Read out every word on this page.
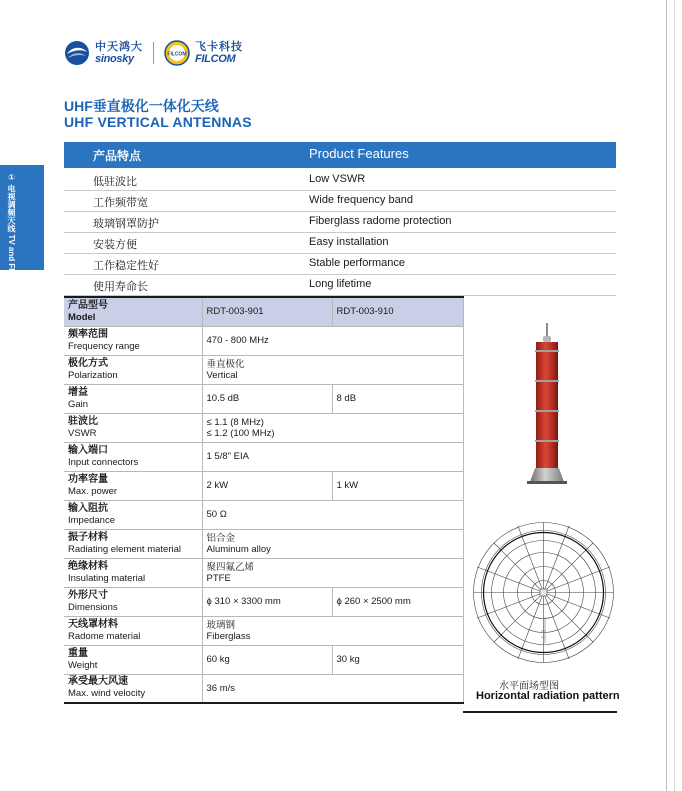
中天鸿大
sinosky	FILCOM
飞卡科技
FILCOM
① 电视调频天线 TV and FM Antennas
UHF垂直极化一体化天线
UHF VERTICAL ANTENNAS
产品特点	Product Features
低驻波比	Low VSWR
工作频带宽	Wide frequency band
玻璃钢罩防护	Fiberglass radome protection
安装方便	Easy installation
工作稳定性好	Stable performance
使用寿命长	Long lifetime
产品型号
Model	RDT-003-901	RDT-003-910

频率范围
Frequency range	470 - 800 MHz	

极化方式
Polarization	垂直极化
Vertical	

增益
Gain	10.5 dB	8 dB

驻波比
VSWR	≤ 1.1 (8 MHz)
≤ 1.2 (100 MHz)	

输入端口
Input connectors	1 5/8" EIA	

功率容量
Max. power	2 kW	1 kW

输入阻抗
Impedance	50 Ω	

振子材料
Radiating element material	铝合金
Aluminum alloy	

绝缘材料
Insulating material	聚四氟乙烯
PTFE	

外形尺寸
Dimensions	ϕ 310 × 3300 mm	ϕ 260 × 2500 mm

天线罩材料
Radome material	玻璃钢
Fiberglass	

重量
Weight	60 kg	30 kg

承受最大风速
Max. wind velocity	36 m/s		水平面场型图
Horizontal radiation pattern
